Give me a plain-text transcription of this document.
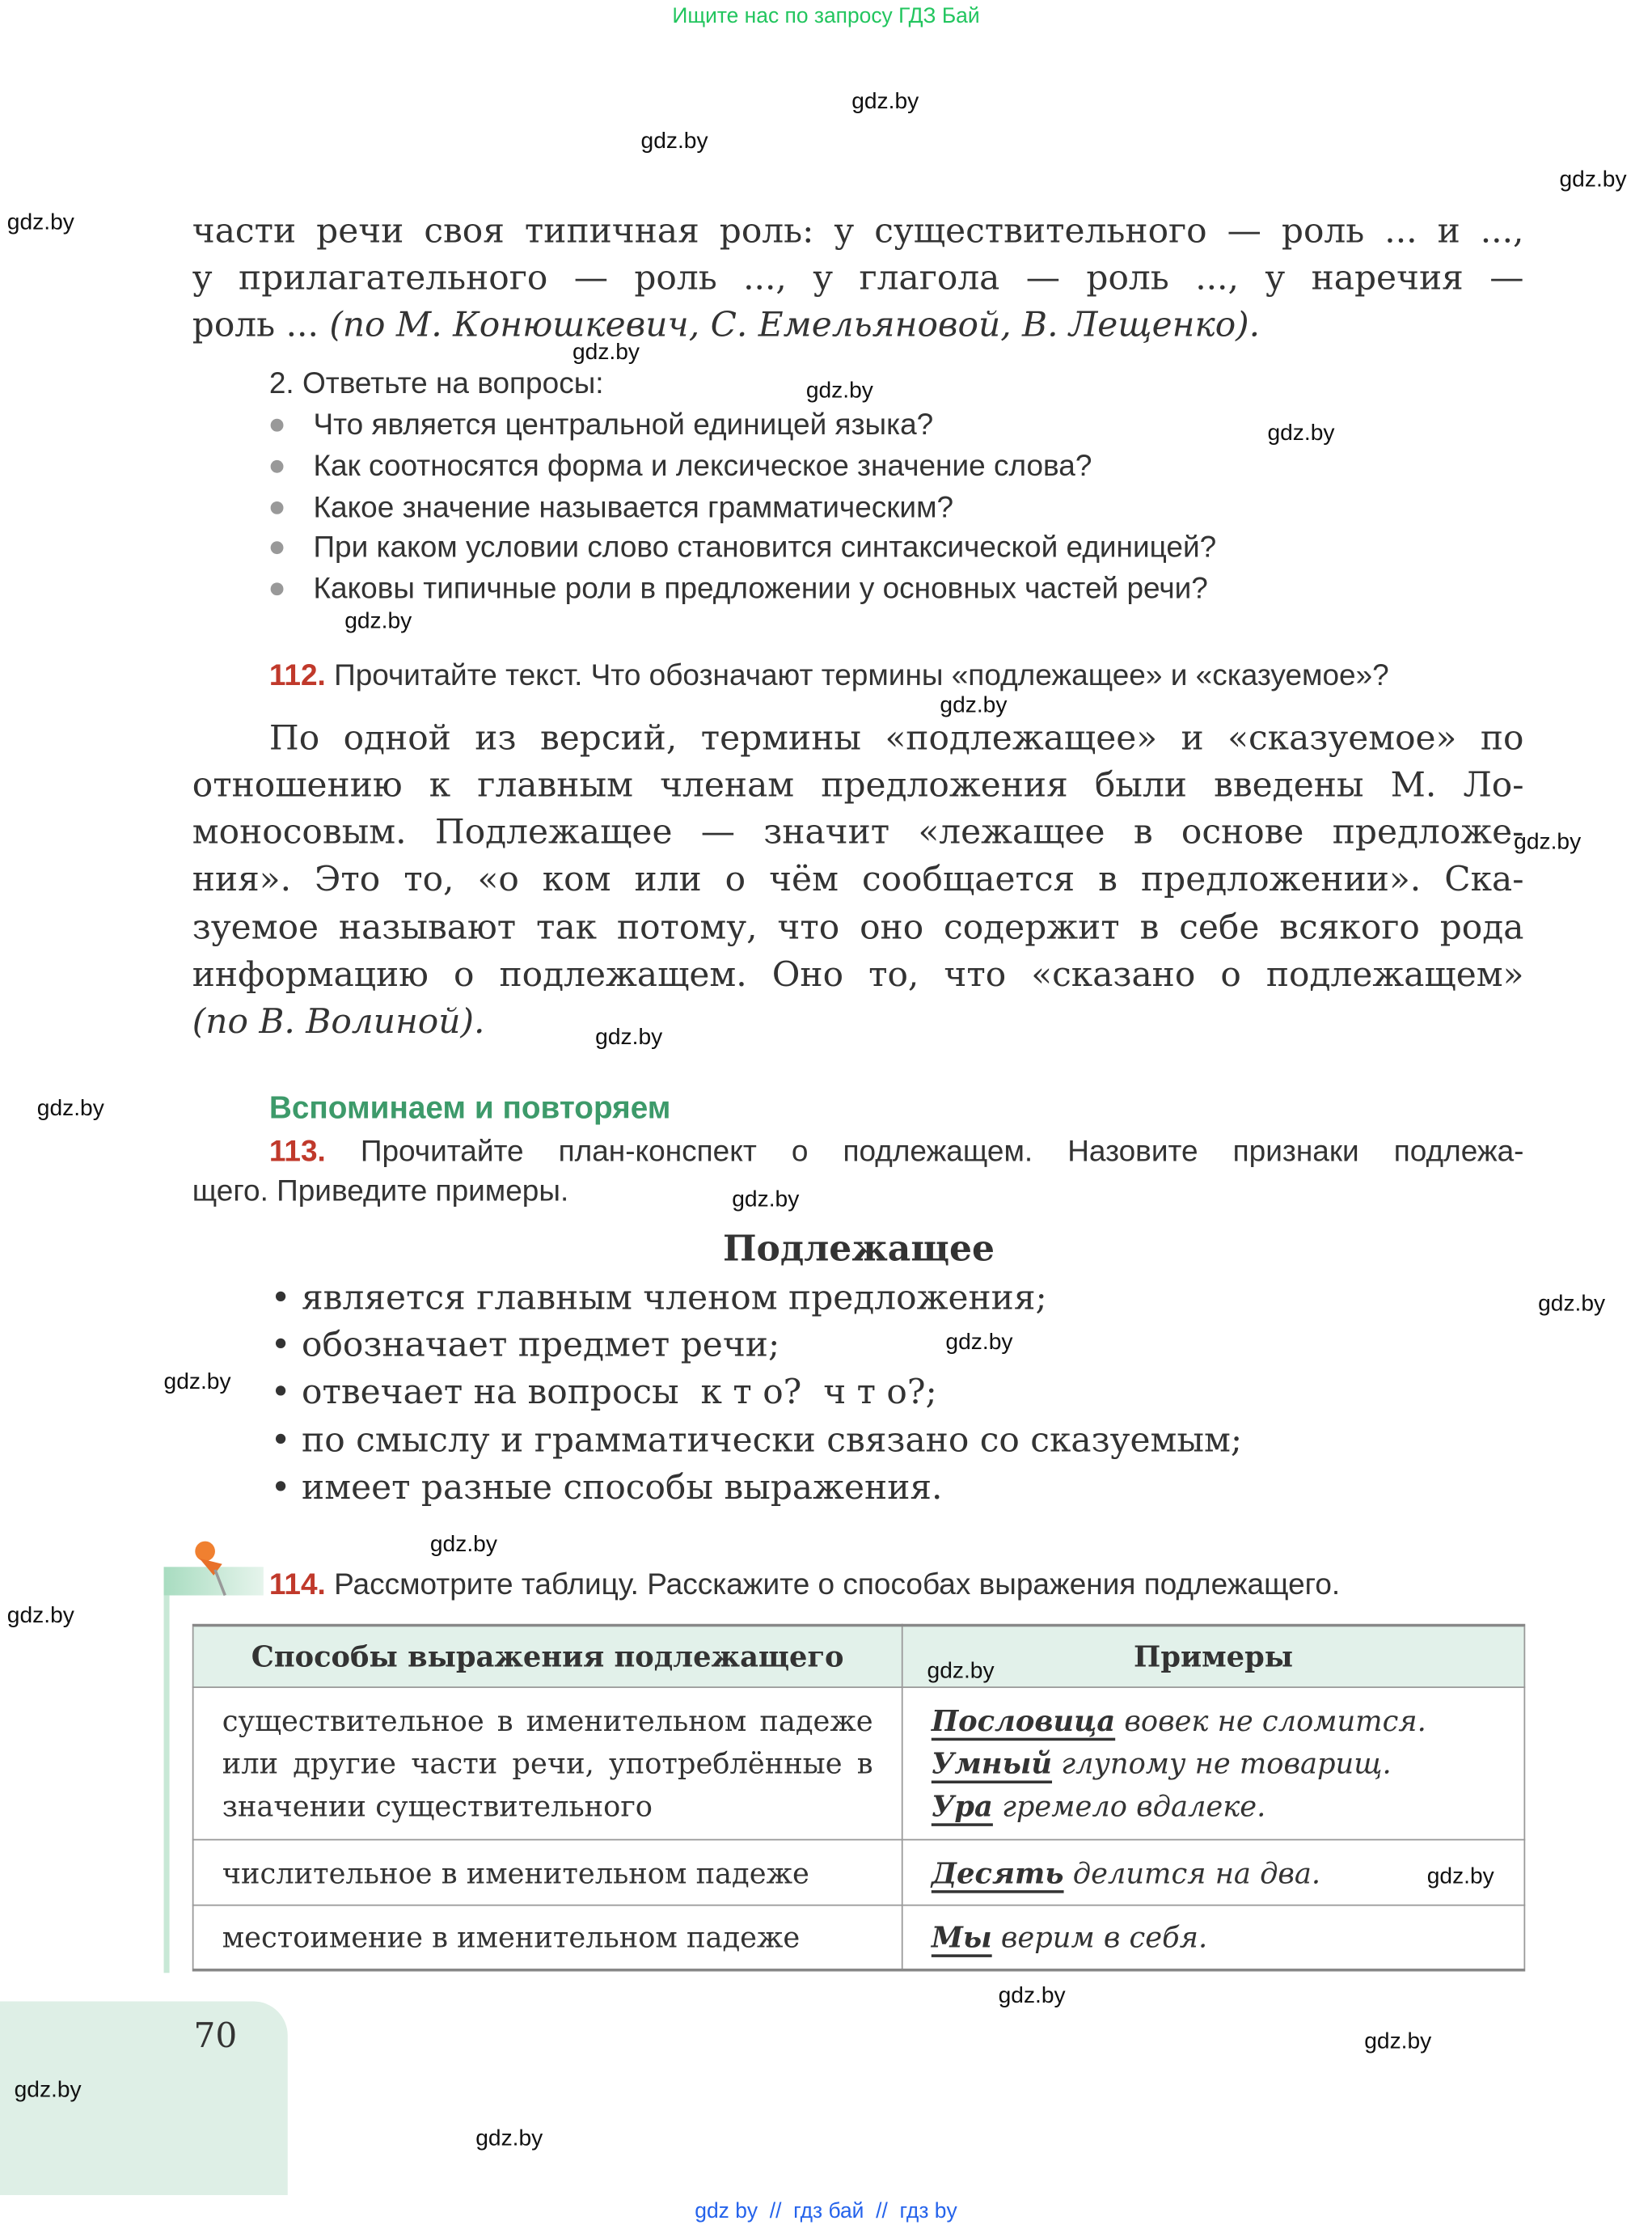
Ищите нас по запросу ГДЗ Бай
части речи своя типичная роль: у существительного — роль ... и ...,
у прилагательного — роль ..., у глагола — роль ..., у наречия —
роль ... (по М. Конюшкевич, С. Емельяновой, В. Лещенко).
2. Ответьте на вопросы:
Что является центральной единицей языка?
Как соотносятся форма и лексическое значение слова?
Какое значение называется грамматическим?
При каком условии слово становится синтаксической единицей?
Каковы типичные роли в предложении у основных частей речи?
112. Прочитайте текст. Что обозначают термины «подлежащее» и «сказуемое»?
По одной из версий, термины «подлежащее» и «сказуемое» по
отношению к главным членам предложения были введены М. Ло-
моносовым. Подлежащее — значит «лежащее в основе предложе-
ния». Это то, «о ком или о чём сообщается в предложении». Ска-
зуемое называют так потому, что оно содержит в себе всякого рода
информацию о подлежащем. Оно то, что «сказано о подлежащем»
(по В. Волиной).
Вспоминаем и повторяем
113. Прочитайте план-конспект о подлежащем. Назовите признаки подлежа-
щего. Приведите примеры.
Подлежащее
• является главным членом предложения;
• обозначает предмет речи;
• отвечает на вопросы  к т о?  ч т о?;
• по смыслу и грамматически связано со сказуемым;
• имеет разные способы выражения.
114. Рассмотрите таблицу. Расскажите о способах выражения подлежащего.
Способы выражения подлежащего	Примеры
существительное в именительном падеже или другие части речи, употреблённые в значении существительного	Пословица вовек не сломится.
Умный глупому не товарищ.
Ура гремело вдалеке.

числительное в именительном падеже	Десять делится на два.
местоимение в именительном падеже	Мы верим в себя.
70
gdz by  //  гдз бай  //  гдз by
gdz.by
gdz.by
gdz.by
gdz.by
gdz.by
gdz.by
gdz.by
gdz.by
gdz.by
gdz.by
gdz.by
gdz.by
gdz.by
gdz.by
gdz.by
gdz.by
gdz.by
gdz.by
gdz.by
gdz.by
gdz.by
gdz.by
gdz.by
gdz.by
